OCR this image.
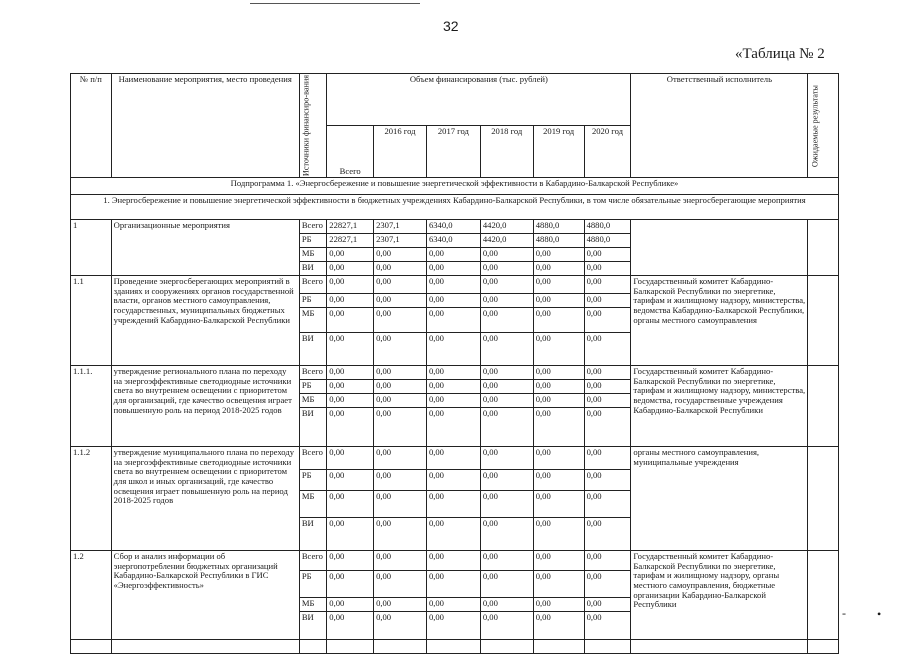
32
«Таблица № 2
№ п/п	Наименование мероприятия, место проведения	Источники финансиро-вания	Объем финансирования (тыс. рублей)						Ответственный исполнитель	Ожидаемые результаты
			Всего	2016 год	2017 год	2018 год	2019 год	2020 год		
Подпрограмма 1. «Энергосбережение и повышение энергетической эффективности в Кабардино-Балкарской Республике»										
1. Энергосбережение и повышение энергетической эффективности в бюджетных учреждениях Кабардино-Балкарской Республики, в том числе обязательные энергосберегающие мероприятия										
1	Организационные мероприятия	Всего	22827,1	2307,1	6340,0	4420,0	4880,0	4880,0		
		РБ	22827,1	2307,1	6340,0	4420,0	4880,0	4880,0		
		МБ	0,00	0,00	0,00	0,00	0,00	0,00		
		ВИ	0,00	0,00	0,00	0,00	0,00	0,00		
1.1	Проведение энергосберегающих мероприятий в зданиях и сооружениях органов государственной власти, органов местного самоуправления, государственных, муниципальных бюджетных учреждений Кабардино-Балкарской Республики	Всего	0,00	0,00	0,00	0,00	0,00	0,00	Государственный комитет Кабардино-Балкарской Республики по энергетике, тарифам и жилищному надзору, министерства, ведомства Кабардино-Балкарской Республики, органы местного самоуправления	
		РБ	0,00	0,00	0,00	0,00	0,00	0,00		
		МБ	0,00	0,00	0,00	0,00	0,00	0,00		
		ВИ	0,00	0,00	0,00	0,00	0,00	0,00		
1.1.1.	утверждение регионального плана по переходу на энергоэффективные светодиодные источники света во внутреннем освещении с приоритетом для организаций, где качество освещения играет повышенную роль на период 2018-2025 годов	Всего	0,00	0,00	0,00	0,00	0,00	0,00	Государственный комитет Кабардино-Балкарской Республики по энергетике, тарифам и жилищному надзору, министерства, ведомства, государственные учреждения Кабардино-Балкарской Республики	
		РБ	0,00	0,00	0,00	0,00	0,00	0,00		
		МБ	0,00	0,00	0,00	0,00	0,00	0,00		
		ВИ	0,00	0,00	0,00	0,00	0,00	0,00		
1.1.2	утверждение муниципального плана по переходу на энергоэффективные светодиодные источники света во внутреннем освещении с приоритетом для школ и иных организаций, где качество освещения играет повышенную роль на период 2018-2025 годов	Всего	0,00	0,00	0,00	0,00	0,00	0,00	органы местного самоуправления, муниципальные учреждения	
		РБ	0,00	0,00	0,00	0,00	0,00	0,00		
		МБ	0,00	0,00	0,00	0,00	0,00	0,00		
		ВИ	0,00	0,00	0,00	0,00	0,00	0,00		
1.2	Сбор и анализ информации об энергопотреблении бюджетных организаций Кабардино-Балкарской Республики в ГИС «Энергоэффективность»	Всего	0,00	0,00	0,00	0,00	0,00	0,00	Государственный комитет Кабардино-Балкарской Республики по энергетике, тарифам и жилищному надзору, органы местного самоуправления, бюджетные организации Кабардино-Балкарской Республики	
		РБ	0,00	0,00	0,00	0,00	0,00	0,00		
		МБ	0,00	0,00	0,00	0,00	0,00	0,00		
		ВИ	0,00	0,00	0,00	0,00	0,00	0,00		
											-	•
